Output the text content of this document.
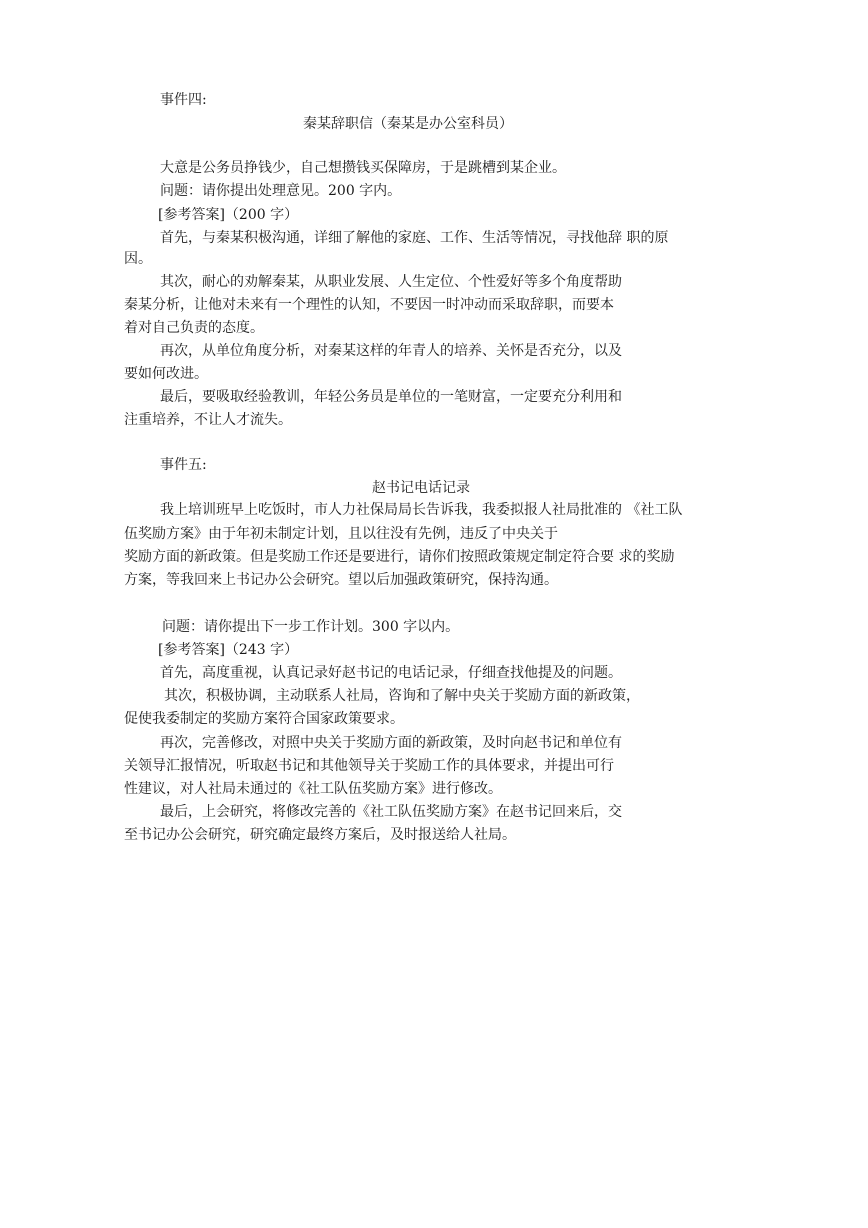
事件四:
秦某辞职信（秦某是办公室科员）
大意是公务员挣钱少，自己想攒钱买保障房，于是跳槽到某企业。
问题：请你提出处理意见。200 字内。
[参考答案]（200 字）
首先，与秦某积极沟通，详细了解他的家庭、工作、生活等情况，寻找他辞 职的原
因。
其次，耐心的劝解秦某，从职业发展、人生定位、个性爱好等多个角度帮助
秦某分析，让他对未来有一个理性的认知，不要因一时冲动而采取辞职，而要本
着对自己负责的态度。
再次，从单位角度分析，对秦某这样的年青人的培养、关怀是否充分，以及
要如何改进。
最后，要吸取经验教训，年轻公务员是单位的一笔财富，一定要充分利用和
注重培养，不让人才流失。
事件五:
赵书记电话记录
我上培训班早上吃饭时，市人力社保局局长告诉我，我委拟报人社局批准的 《社工队
伍奖励方案》由于年初未制定计划，且以往没有先例，违反了中央关于
奖励方面的新政策。但是奖励工作还是要进行，请你们按照政策规定制定符合要 求的奖励
方案，等我回来上书记办公会研究。望以后加强政策研究，保持沟通。
问题：请你提出下一步工作计划。300 字以内。
[参考答案]（243 字）
首先，高度重视，认真记录好赵书记的电话记录，仔细查找他提及的问题。
其次，积极协调，主动联系人社局，咨询和了解中央关于奖励方面的新政策，
促使我委制定的奖励方案符合国家政策要求。
再次，完善修改，对照中央关于奖励方面的新政策，及时向赵书记和单位有
关领导汇报情况，听取赵书记和其他领导关于奖励工作的具体要求，并提出可行
性建议，对人社局未通过的《社工队伍奖励方案》进行修改。
最后，上会研究，将修改完善的《社工队伍奖励方案》在赵书记回来后，交
至书记办公会研究，研究确定最终方案后，及时报送给人社局。
